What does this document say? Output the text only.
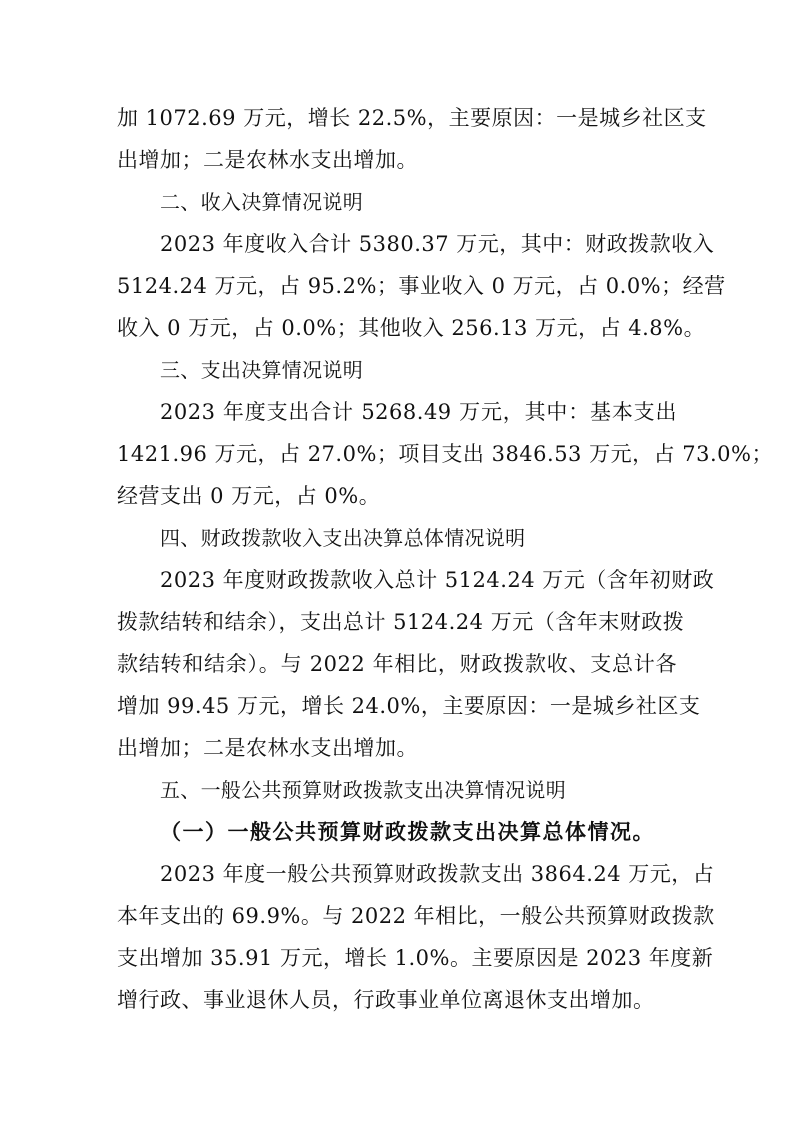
加 1072.69 万元，增长 22.5%，主要原因：一是城乡社区支
出增加；二是农林水支出增加。
二、收入决算情况说明
2023 年度收入合计 5380.37 万元，其中：财政拨款收入
5124.24 万元，占 95.2%；事业收入 0 万元，占 0.0%；经营
收入 0 万元，占 0.0%；其他收入 256.13 万元，占 4.8%。
三、支出决算情况说明
2023 年度支出合计 5268.49 万元，其中：基本支出
1421.96 万元，占 27.0%；项目支出 3846.53 万元，占 73.0%；
经营支出 0 万元，占 0%。
四、财政拨款收入支出决算总体情况说明
2023 年度财政拨款收入总计 5124.24 万元（含年初财政
拨款结转和结余），支出总计 5124.24 万元（含年末财政拨
款结转和结余）。与 2022 年相比，财政拨款收、支总计各
增加 99.45 万元，增长 24.0%，主要原因：一是城乡社区支
出增加；二是农林水支出增加。
五、一般公共预算财政拨款支出决算情况说明
（一）一般公共预算财政拨款支出决算总体情况。
2023 年度一般公共预算财政拨款支出 3864.24 万元，占
本年支出的 69.9%。与 2022 年相比，一般公共预算财政拨款
支出增加 35.91 万元，增长 1.0%。主要原因是 2023 年度新
增行政、事业退休人员，行政事业单位离退休支出增加。
